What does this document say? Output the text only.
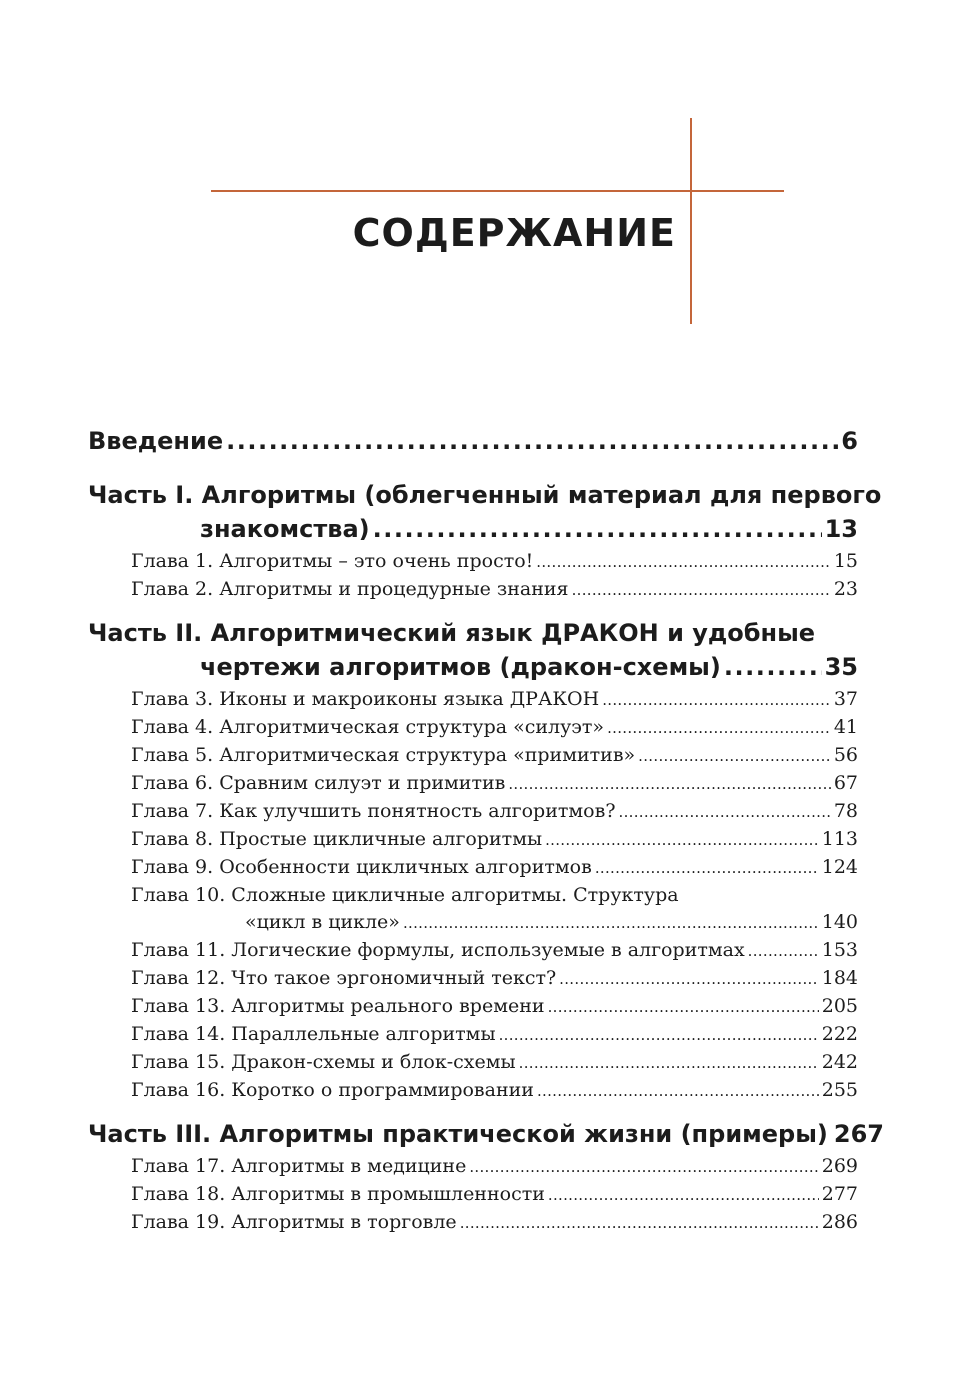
СОДЕРЖАНИЕ
Введение .....	6
Часть I. Алгоритмы (облегченный материал для первого
знакомства) .....	13
Глава 1. Алгоритмы – это очень просто! .....	15
Глава 2. Алгоритмы и процедурные знания .....	23
Часть II. Алгоритмический язык ДРАКОН и удобные
чертежи алгоритмов (дракон-схемы) .....	35
Глава 3. Иконы и макроиконы языка ДРАКОН .....	37
Глава 4. Алгоритмическая структура «силуэт» .....	41
Глава 5. Алгоритмическая структура «примитив» .....	56
Глава 6. Сравним силуэт и примитив .....	67
Глава 7. Как улучшить понятность алгоритмов? .....	78
Глава 8. Простые цикличные алгоритмы .....	113
Глава 9. Особенности цикличных алгоритмов .....	124
Глава 10. Сложные цикличные алгоритмы. Структура
«цикл в цикле» .....	140
Глава 11. Логические формулы, используемые в алгоритмах .....	153
Глава 12. Что такое эргономичный текст? .....	184
Глава 13. Алгоритмы реального времени .....	205
Глава 14. Параллельные алгоритмы .....	222
Глава 15. Дракон-схемы и блок-схемы .....	242
Глава 16. Коротко о программировании .....	255
Часть III. Алгоритмы практической жизни (примеры) 267
Глава 17. Алгоритмы в медицине .....	269
Глава 18. Алгоритмы в промышленности .....	277
Глава 19. Алгоритмы в торговле .....	286
